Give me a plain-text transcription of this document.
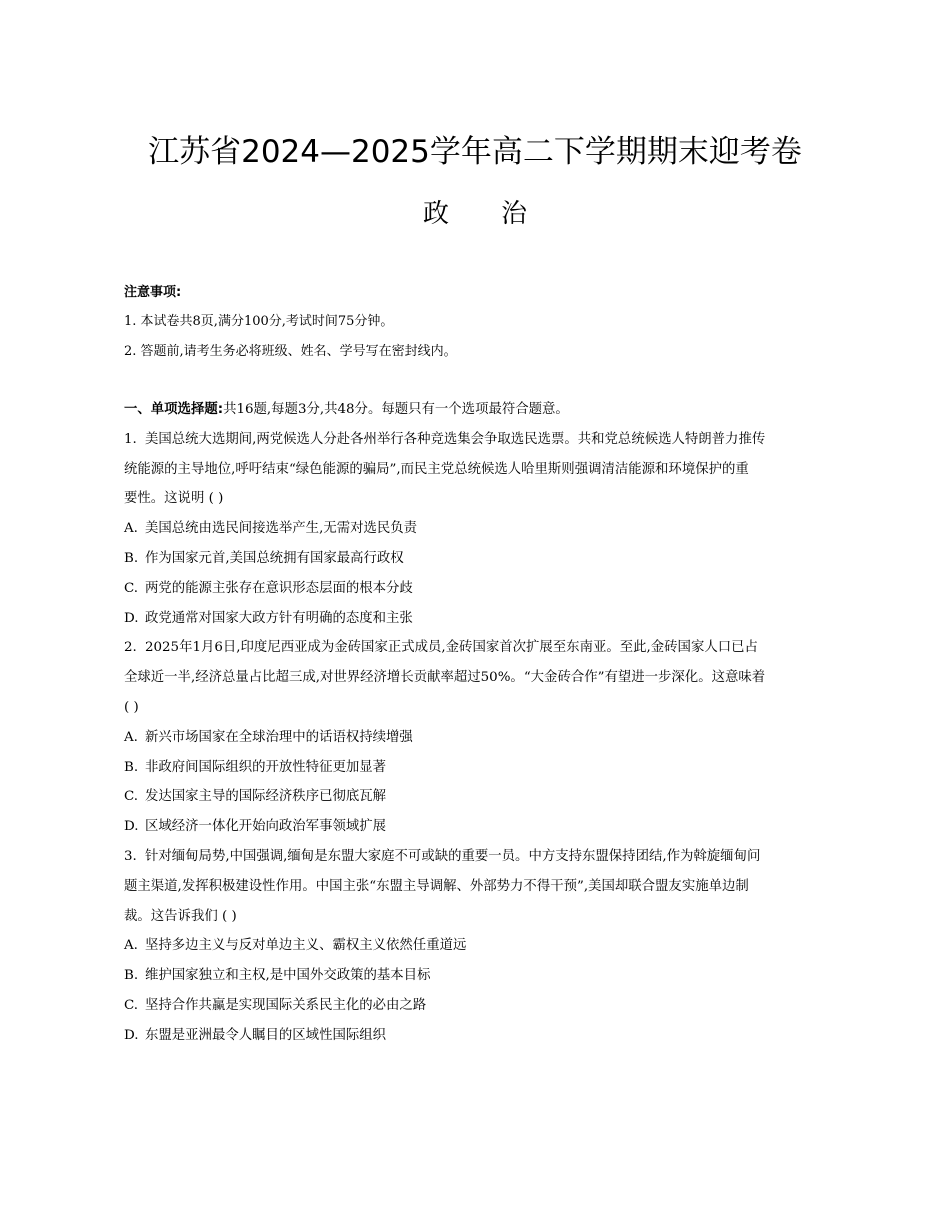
江苏省2024—2025学年高二下学期期末迎考卷
政治
注意事项:
1. 本试卷共8页,满分100分,考试时间75分钟。
2. 答题前,请考生务必将班级、姓名、学号写在密封线内。
一、单项选择题:共16题,每题3分,共48分。每题只有一个选项最符合题意。
1. 美国总统大选期间,两党候选人分赴各州举行各种竞选集会争取选民选票。共和党总统候选人特朗普力推传
统能源的主导地位,呼吁结束“绿色能源的骗局”,而民主党总统候选人哈里斯则强调清洁能源和环境保护的重
要性。这说明 ( )
A. 美国总统由选民间接选举产生,无需对选民负责
B. 作为国家元首,美国总统拥有国家最高行政权
C. 两党的能源主张存在意识形态层面的根本分歧
D. 政党通常对国家大政方针有明确的态度和主张
2. 2025年1月6日,印度尼西亚成为金砖国家正式成员,金砖国家首次扩展至东南亚。至此,金砖国家人口已占
全球近一半,经济总量占比超三成,对世界经济增长贡献率超过50%。“大金砖合作”有望进一步深化。这意味着
( )
A. 新兴市场国家在全球治理中的话语权持续增强
B. 非政府间国际组织的开放性特征更加显著
C. 发达国家主导的国际经济秩序已彻底瓦解
D. 区域经济一体化开始向政治军事领域扩展
3. 针对缅甸局势,中国强调,缅甸是东盟大家庭不可或缺的重要一员。中方支持东盟保持团结,作为斡旋缅甸问
题主渠道,发挥积极建设性作用。中国主张“东盟主导调解、外部势力不得干预”,美国却联合盟友实施单边制
裁。这告诉我们 ( )
A. 坚持多边主义与反对单边主义、霸权主义依然任重道远
B. 维护国家独立和主权,是中国外交政策的基本目标
C. 坚持合作共赢是实现国际关系民主化的必由之路
D. 东盟是亚洲最令人瞩目的区域性国际组织
